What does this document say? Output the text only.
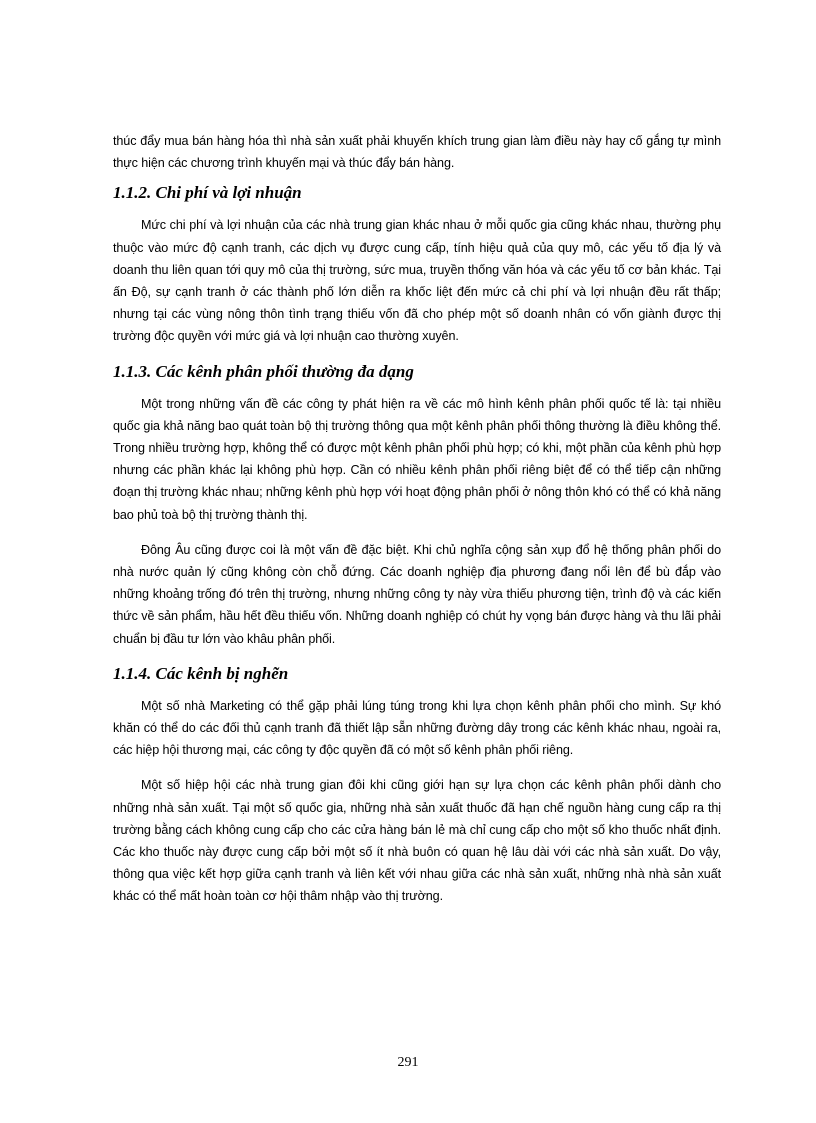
thúc đẩy mua bán hàng hóa thì nhà sản xuất phải khuyến khích trung gian làm điều này hay cố gắng tự mình thực hiện các chương trình khuyến mại và thúc đẩy bán hàng.

1.1.2. Chi phí và lợi nhuận

Mức chi phí và lợi nhuận của các nhà trung gian khác nhau ở mỗi quốc gia cũng khác nhau, thường phụ thuộc vào mức độ cạnh tranh, các dịch vụ được cung cấp, tính hiệu quả của quy mô, các yếu tố địa lý và doanh thu liên quan tới quy mô của thị trường, sức mua, truyền thống văn hóa và các yếu tố cơ bản khác. Tại ấn Độ, sự cạnh tranh ở các thành phố lớn diễn ra khốc liệt đến mức cả chi phí và lợi nhuận đều rất thấp; nhưng tại các vùng nông thôn tình trạng thiếu vốn đã cho phép một số doanh nhân có vốn giành được thị trường độc quyền với mức giá và lợi nhuận cao thường xuyên.

1.1.3. Các kênh phân phối thường đa dạng

Một trong những vấn đề các công ty phát hiện ra về các mô hình kênh phân phối quốc tế là: tại nhiều quốc gia khả năng bao quát toàn bộ thị trường thông qua một kênh phân phối thông thường là điều không thể. Trong nhiều trường hợp, không thể có được một kênh phân phối phù hợp; có khi, một phần của kênh phù hợp nhưng các phần khác lại không phù hợp. Cần có nhiều kênh phân phối riêng biệt để có thể tiếp cận những đoạn thị trường khác nhau; những kênh phù hợp với hoạt động phân phối ở nông thôn khó có thể có khả năng bao phủ toà bộ thị trường thành thị.

Đông Âu cũng được coi là một vấn đề đặc biệt. Khi chủ nghĩa cộng sản xụp đổ hệ thống phân phối do nhà nước quản lý cũng không còn chỗ đứng. Các doanh nghiệp địa phương đang nổi lên để bù đắp vào những khoảng trống đó trên thị trường, nhưng những công ty này vừa thiếu phương tiện, trình độ và các kiến thức về sản phẩm, hầu hết đều thiếu vốn. Những doanh nghiệp có chút hy vọng bán được hàng và thu lãi phải chuẩn bị đầu tư lớn vào khâu phân phối.

1.1.4. Các kênh bị nghẽn

Một số nhà Marketing có thể gặp phải lúng túng trong khi lựa chọn kênh phân phối cho mình. Sự khó khăn có thể do các đối thủ cạnh tranh đã thiết lập sẵn những đường dây trong các kênh khác nhau, ngoài ra, các hiệp hội thương mại, các công ty độc quyền đã có một số kênh phân phối riêng.

Một số hiệp hội các nhà trung gian đôi khi cũng giới hạn sự lựa chọn các kênh phân phối dành cho những nhà sản xuất. Tại một số quốc gia, những nhà sản xuất thuốc đã hạn chế nguồn hàng cung cấp ra thị trường bằng cách không cung cấp cho các cửa hàng bán lẻ mà chỉ cung cấp cho một số kho thuốc nhất định. Các kho thuốc này được cung cấp bởi một số ít nhà buôn có quan hệ lâu dài với các nhà sản xuất. Do vậy, thông qua việc kết hợp giữa cạnh tranh và liên kết với nhau giữa các nhà sản xuất, những nhà nhà sản xuất khác có thể mất hoàn toàn cơ hội thâm nhập vào thị trường.

291
